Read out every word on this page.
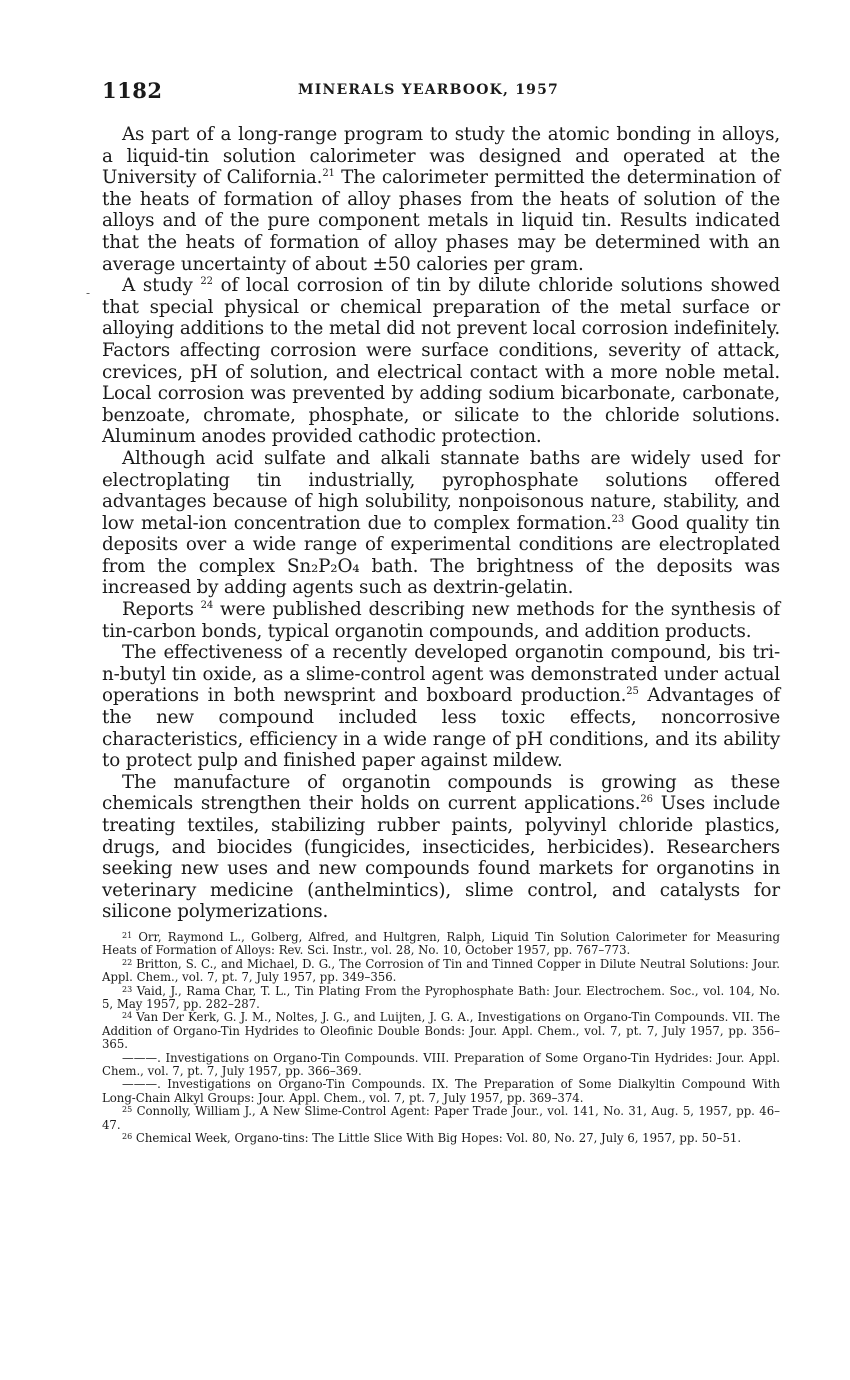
-
1182	MINERALS YEARBOOK, 1957

As part of a long-range program to study the atomic bonding in alloys, a liquid-tin solution calorimeter was designed and operated at the University of California.$^{21}$ The calorimeter permitted the determination of the heats of formation of alloy phases from the heats of solution of the alloys and of the pure component metals in liquid tin. Results indicated that the heats of formation of alloy phases may be determined with an average uncertainty of about ±50 calories per gram.

A study $^{22}$ of local corrosion of tin by dilute chloride solutions showed that special physical or chemical preparation of the metal surface or alloying additions to the metal did not prevent local corrosion indefinitely. Factors affecting corrosion were surface conditions, severity of attack, crevices, pH of solution, and electrical contact with a more noble metal. Local corrosion was prevented by adding sodium bicarbonate, carbonate, benzoate, chromate, phosphate, or silicate to the chloride solutions. Aluminum anodes provided cathodic protection.

Although acid sulfate and alkali stannate baths are widely used for electroplating tin industrially, pyrophosphate solutions offered advantages because of high solubility, nonpoisonous nature, stability, and low metal-ion concentration due to complex formation.$^{23}$ Good quality tin deposits over a wide range of experimental conditions are electroplated from the complex Sn₂P₂O₄ bath. The brightness of the deposits was increased by adding agents such as dextrin-gelatin.

Reports $^{24}$ were published describing new methods for the synthesis of tin-carbon bonds, typical organotin compounds, and addition products.

The effectiveness of a recently developed organotin compound, bis tri-n-butyl tin oxide, as a slime-control agent was demonstrated under actual operations in both newsprint and boxboard production.$^{25}$ Advantages of the new compound included less toxic effects, noncorrosive characteristics, efficiency in a wide range of pH conditions, and its ability to protect pulp and finished paper against mildew.

The manufacture of organotin compounds is growing as these chemicals strengthen their holds on current applications.$^{26}$ Uses include treating textiles, stabilizing rubber paints, polyvinyl chloride plastics, drugs, and biocides (fungicides, insecticides, herbicides). Researchers seeking new uses and new compounds found markets for organotins in veterinary medicine (anthelmintics), slime control, and catalysts for silicone polymerizations.

$^{21}$ Orr, Raymond L., Golberg, Alfred, and Hultgren, Ralph, Liquid Tin Solution Calorimeter for Measuring Heats of Formation of Alloys: Rev. Sci. Instr., vol. 28, No. 10, October 1957, pp. 767–773.

$^{22}$ Britton, S. C., and Michael, D. G., The Corrosion of Tin and Tinned Copper in Dilute Neutral Solutions: Jour. Appl. Chem., vol. 7, pt. 7, July 1957, pp. 349–356.

$^{23}$ Vaid, J., Rama Char, T. L., Tin Plating From the Pyrophosphate Bath: Jour. Electrochem. Soc., vol. 104, No. 5, May 1957, pp. 282–287.

$^{24}$ Van Der Kerk, G. J. M., Noltes, J. G., and Luijten, J. G. A., Investigations on Organo-Tin Compounds. VII. The Addition of Organo-Tin Hydrides to Oleofinic Double Bonds: Jour. Appl. Chem., vol. 7, pt. 7, July 1957, pp. 356–365.

———. Investigations on Organo-Tin Compounds. VIII. Preparation of Some Organo-Tin Hydrides: Jour. Appl. Chem., vol. 7, pt. 7, July 1957, pp. 366–369.

———. Investigations on Organo-Tin Compounds. IX. The Preparation of Some Dialkyltin Compound With Long-Chain Alkyl Groups: Jour. Appl. Chem., vol. 7, pt. 7, July 1957, pp. 369–374.

$^{25}$ Connolly, William J., A New Slime-Control Agent: Paper Trade Jour., vol. 141, No. 31, Aug. 5, 1957, pp. 46–47.

$^{26}$ Chemical Week, Organo-tins: The Little Slice With Big Hopes: Vol. 80, No. 27, July 6, 1957, pp. 50–51.
